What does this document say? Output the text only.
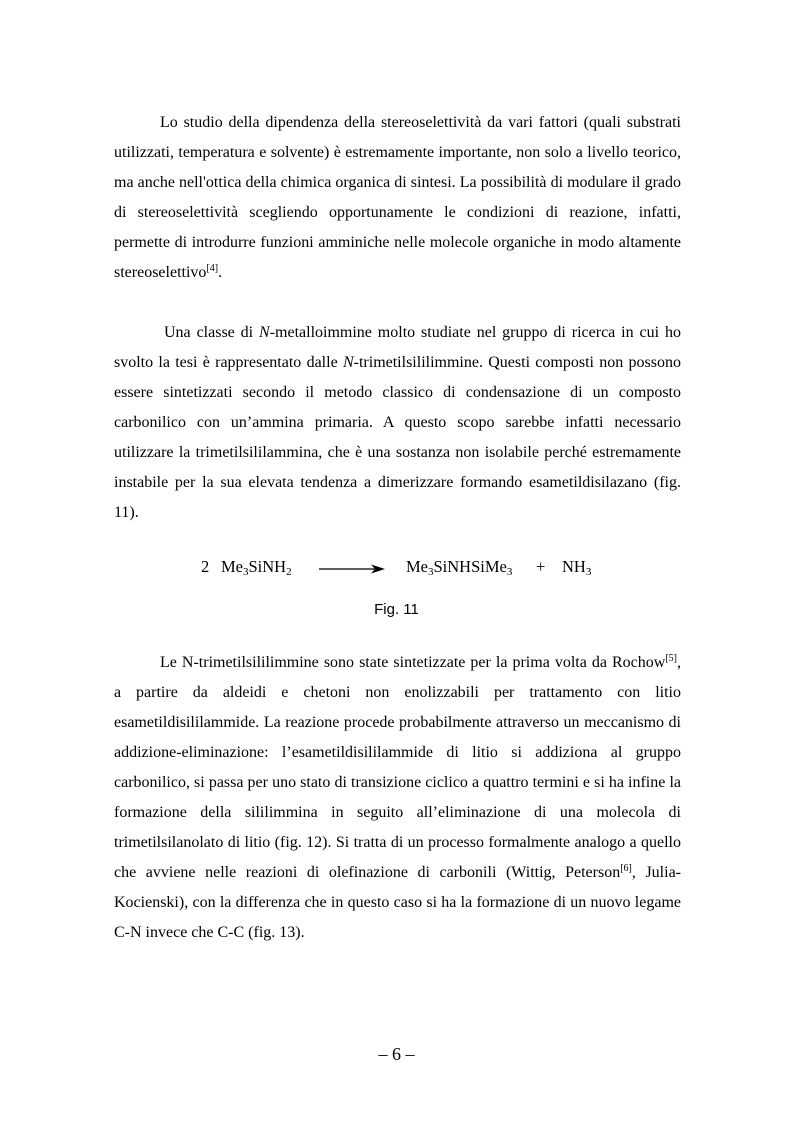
Lo studio della dipendenza della stereoselettività da vari fattori (quali substrati utilizzati, temperatura e solvente) è estremamente importante, non solo a livello teorico, ma anche nell'ottica della chimica organica di sintesi. La possibilità di modulare il grado di stereoselettività scegliendo opportunamente le condizioni di reazione, infatti, permette di introdurre funzioni amminiche nelle molecole organiche in modo altamente stereoselettivo[4].

Una classe di N-metalloimmine molto studiate nel gruppo di ricerca in cui ho svolto la tesi è rappresentato dalle N-trimetilsililimmine. Questi composti non possono essere sintetizzati secondo il metodo classico di condensazione di un composto carbonilico con un’ammina primaria. A questo scopo sarebbe infatti necessario utilizzare la trimetilsililammina, che è una sostanza non isolabile perché estremamente instabile per la sua elevata tendenza a dimerizzare formando esametildisilazano (fig. 11).

2 $Me_3SiNH_2$	$Me_3SiNHSiMe_3 + NH_3$
Fig. 11

Le N-trimetilsililimmine sono state sintetizzate per la prima volta da Rochow[5], a partire da aldeidi e chetoni non enolizzabili per trattamento con litio esametildisililammide. La reazione procede probabilmente attraverso un meccanismo di addizione-eliminazione: l’esametildisililammide di litio si addiziona al gruppo carbonilico, si passa per uno stato di transizione ciclico a quattro termini e si ha infine la formazione della sililimmina in seguito all’eliminazione di una molecola di trimetilsilanolato di litio (fig. 12). Si tratta di un processo formalmente analogo a quello che avviene nelle reazioni di olefinazione di carbonili (Wittig, Peterson[6], Julia-Kocienski), con la differenza che in questo caso si ha la formazione di un nuovo legame C-N invece che C-C (fig. 13).

– 6 –
